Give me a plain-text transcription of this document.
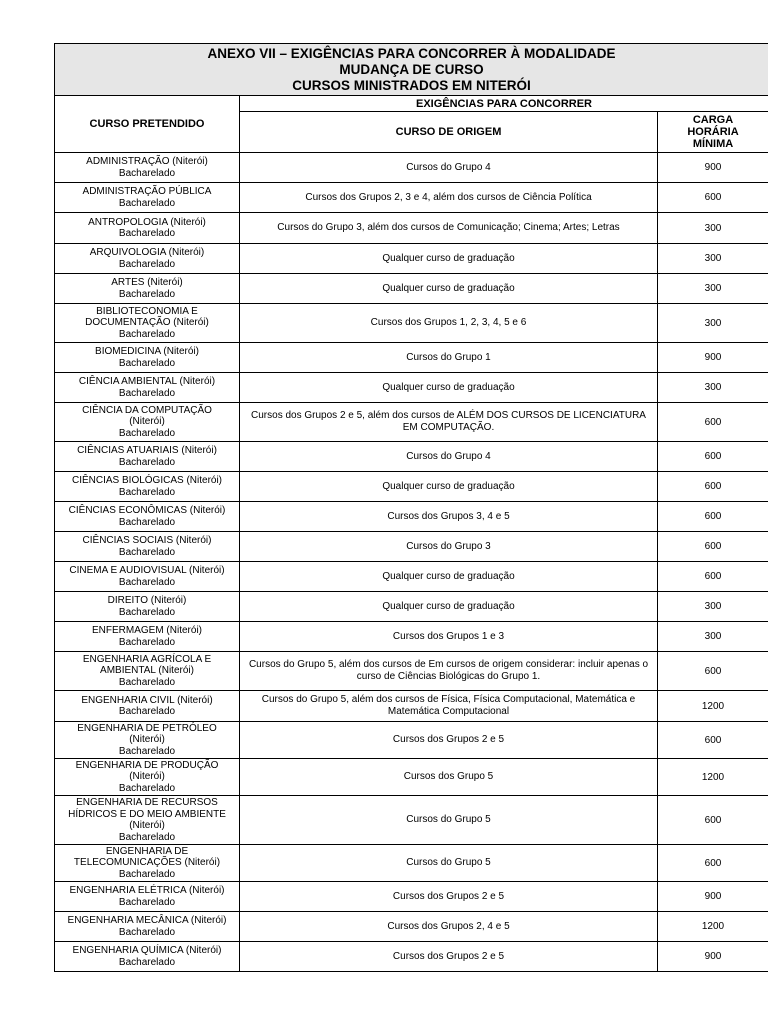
ANEXO VII – EXIGÊNCIAS PARA CONCORRER À MODALIDADE
MUDANÇA DE CURSO
CURSOS MINISTRADOS EM NITERÓI		

CURSO PRETENDIDO	EXIGÊNCIAS PARA CONCORRER	
	CURSO DE ORIGEM	CARGA
HORÁRIA
MÍNIMA

ADMINISTRAÇÃO (Niterói)
Bacharelado	Cursos do Grupo 4	900

ADMINISTRAÇÃO PÚBLICA
Bacharelado	Cursos dos Grupos 2, 3 e 4, além dos cursos de Ciência Política	600

ANTROPOLOGIA (Niterói)
Bacharelado	Cursos do Grupo 3, além dos cursos de Comunicação; Cinema; Artes; Letras	300

ARQUIVOLOGIA (Niterói)
Bacharelado	Qualquer curso de graduação	300

ARTES (Niterói)
Bacharelado	Qualquer curso de graduação	300

BIBLIOTECONOMIA E
DOCUMENTAÇÃO (Niterói)
Bacharelado	Cursos dos Grupos 1, 2, 3, 4, 5 e 6	300

BIOMEDICINA (Niterói)
Bacharelado	Cursos do Grupo 1	900

CIÊNCIA AMBIENTAL (Niterói)
Bacharelado	Qualquer curso de graduação	300

CIÊNCIA DA COMPUTAÇÃO
(Niterói)
Bacharelado	Cursos dos Grupos 2 e 5, além dos cursos de ALÉM DOS CURSOS DE LICENCIATURA EM COMPUTAÇÃO.	600

CIÊNCIAS ATUARIAIS (Niterói)
Bacharelado	Cursos do Grupo 4	600

CIÊNCIAS BIOLÓGICAS (Niterói)
Bacharelado	Qualquer curso de graduação	600

CIÊNCIAS ECONÔMICAS (Niterói)
Bacharelado	Cursos dos Grupos 3, 4 e 5	600

CIÊNCIAS SOCIAIS (Niterói)
Bacharelado	Cursos do Grupo 3	600

CINEMA E AUDIOVISUAL (Niterói)
Bacharelado	Qualquer curso de graduação	600

DIREITO (Niterói)
Bacharelado	Qualquer curso de graduação	300

ENFERMAGEM (Niterói)
Bacharelado	Cursos dos Grupos 1 e 3	300

ENGENHARIA AGRÍCOLA E
AMBIENTAL (Niterói)
Bacharelado	Cursos do Grupo 5, além dos cursos de Em cursos de origem considerar: incluir apenas o curso de Ciências Biológicas do Grupo 1.	600

ENGENHARIA CIVIL (Niterói)
Bacharelado	Cursos do Grupo 5, além dos cursos de Física, Física Computacional, Matemática e Matemática Computacional	1200

ENGENHARIA DE PETRÓLEO
(Niterói)
Bacharelado	Cursos dos Grupos 2 e 5	600

ENGENHARIA DE PRODUÇÃO
(Niterói)
Bacharelado	Cursos dos Grupo 5	1200

ENGENHARIA DE RECURSOS
HÍDRICOS E DO MEIO AMBIENTE
(Niterói)
Bacharelado	Cursos do Grupo 5	600

ENGENHARIA DE
TELECOMUNICAÇÕES (Niterói)
Bacharelado	Cursos do Grupo 5	600

ENGENHARIA ELÉTRICA (Niterói)
Bacharelado	Cursos dos Grupos 2 e 5	900

ENGENHARIA MECÂNICA (Niterói)
Bacharelado	Cursos dos Grupos 2, 4 e 5	1200

ENGENHARIA QUÍMICA (Niterói)
Bacharelado	Cursos dos Grupos 2 e 5	900
